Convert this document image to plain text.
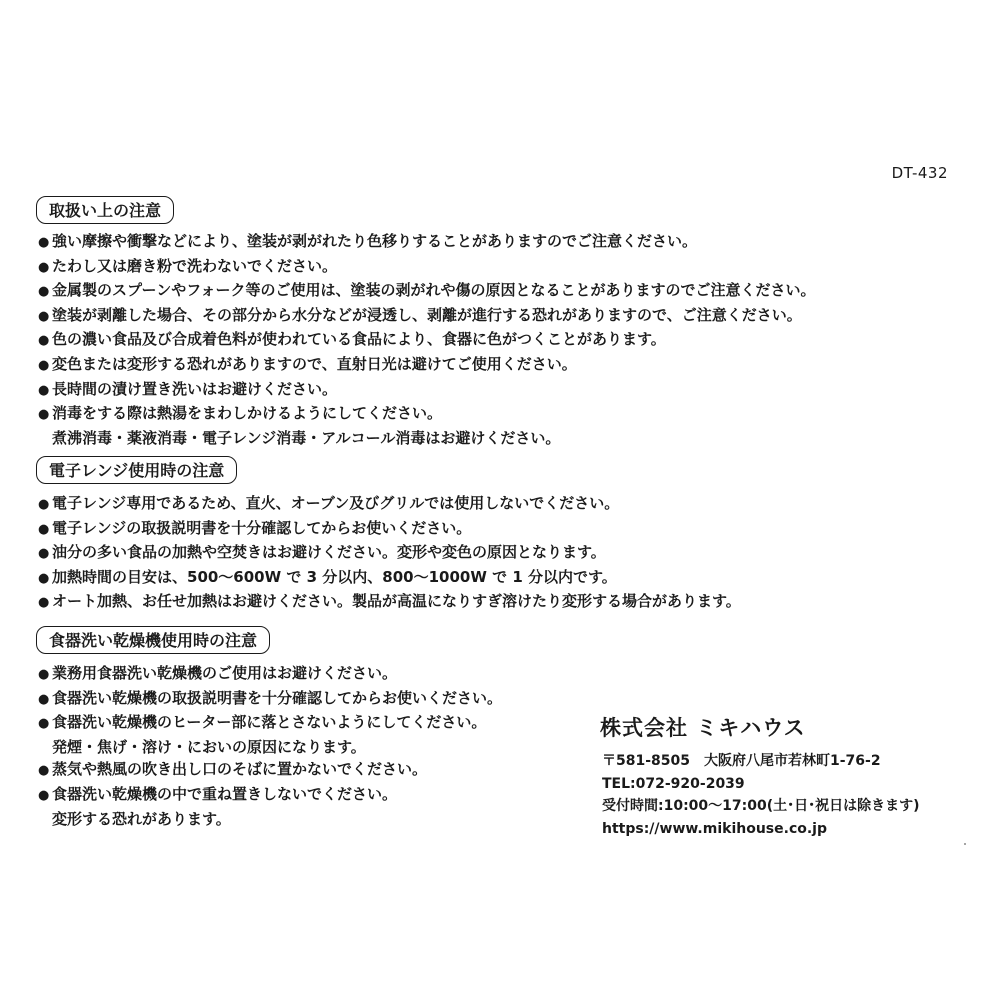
DT-432
取扱い上の注意
● 強い摩擦や衝撃などにより、塗装が剥がれたり色移りすることがありますのでご注意ください。
● たわし又は磨き粉で洗わないでください。
● 金属製のスプーンやフォーク等のご使用は、塗装の剥がれや傷の原因となることがありますのでご注意ください。
● 塗装が剥離した場合、その部分から水分などが浸透し、剥離が進行する恐れがありますので、ご注意ください。
● 色の濃い食品及び合成着色料が使われている食品により、食器に色がつくことがあります。
● 変色または変形する恐れがありますので、直射日光は避けてご使用ください。
● 長時間の漬け置き洗いはお避けください。
● 消毒をする際は熱湯をまわしかけるようにしてください。
煮沸消毒・薬液消毒・電子レンジ消毒・アルコール消毒はお避けください。
電子レンジ使用時の注意
● 電子レンジ専用であるため、直火、オーブン及びグリルでは使用しないでください。
● 電子レンジの取扱説明書を十分確認してからお使いください。
● 油分の多い食品の加熱や空焚きはお避けください。変形や変色の原因となります。
● 加熱時間の目安は、500～600W で 3 分以内、800～1000W で 1 分以内です。
● オート加熱、お任せ加熱はお避けください。製品が高温になりすぎ溶けたり変形する場合があります。
食器洗い乾燥機使用時の注意
● 業務用食器洗い乾燥機のご使用はお避けください。
● 食器洗い乾燥機の取扱説明書を十分確認してからお使いください。
● 食器洗い乾燥機のヒーター部に落とさないようにしてください。
発煙・焦げ・溶け・においの原因になります。
● 蒸気や熱風の吹き出し口のそばに置かないでください。
● 食器洗い乾燥機の中で重ね置きしないでください。
変形する恐れがあります。
株式会社 ミキハウス
〒581-8505　大阪府八尾市若林町1-76-2
TEL:072-920-2039
受付時間:10:00～17:00(土･日･祝日は除きます)
https://www.mikihouse.co.jp
